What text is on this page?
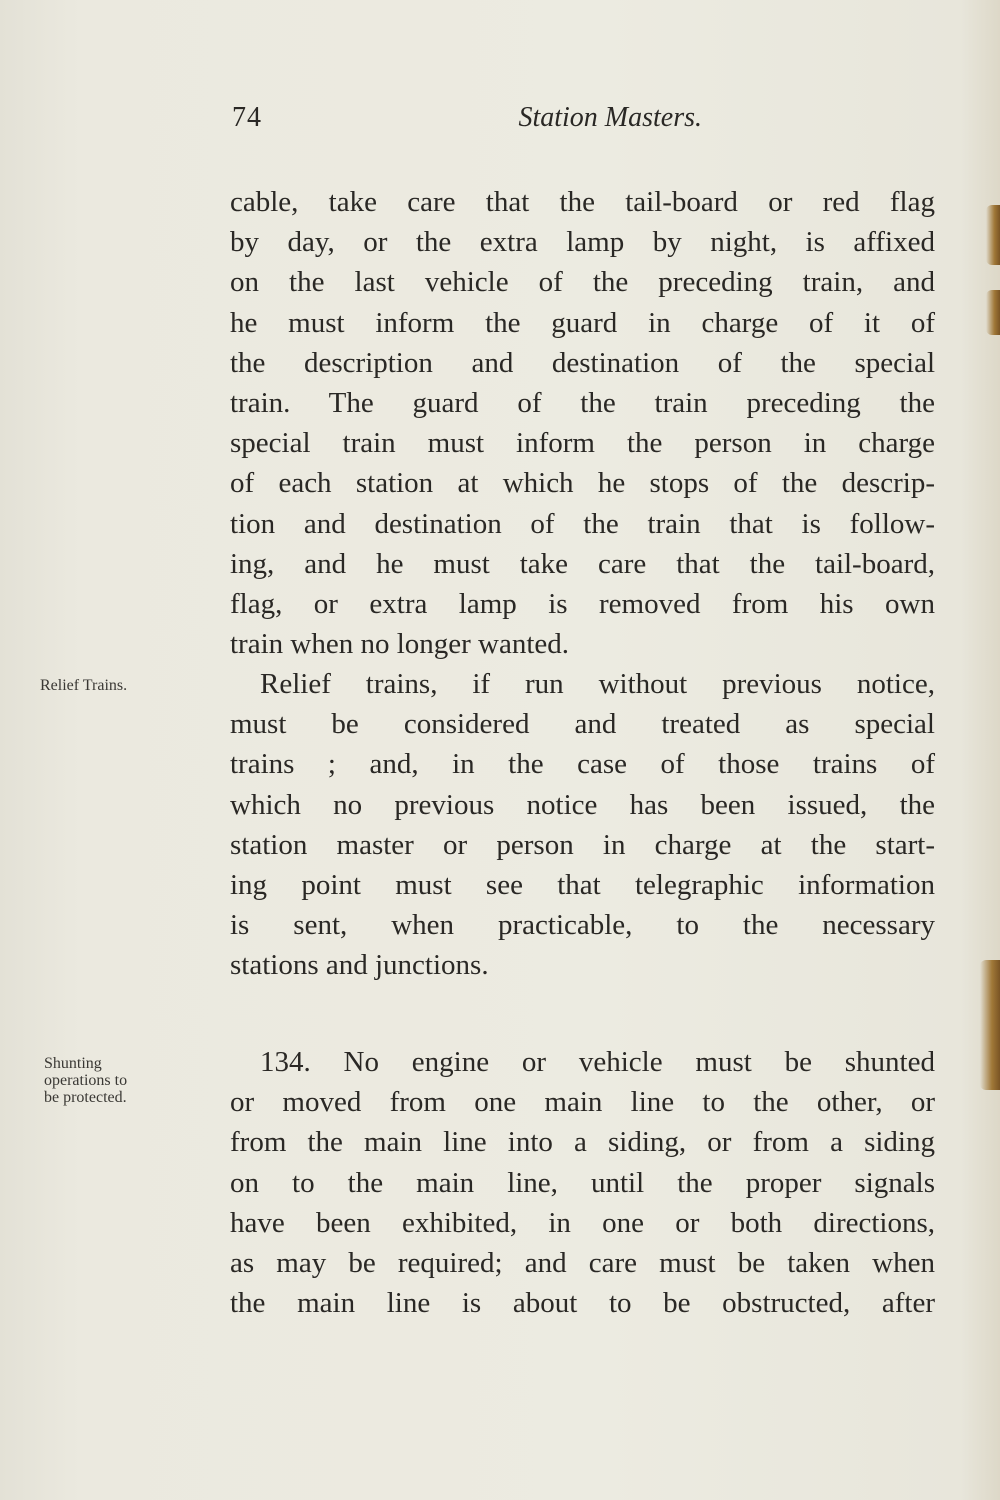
74	Station Masters.
cable, take care that the tail-board or red flag
by day, or the extra lamp by night, is affixed
on the last vehicle of the preceding train, and
he must inform the guard in charge of it of
the description and destination of the special
train. The guard of the train preceding the
special train must inform the person in charge
of each station at which he stops of the descrip-
tion and destination of the train that is follow-
ing, and he must take care that the tail-board,
flag, or extra lamp is removed from his own
train when no longer wanted.
Relief Trains.	Relief trains, if run without previous notice,
must be considered and treated as special
trains ; and, in the case of those trains of
which no previous notice has been issued, the
station master or person in charge at the start-
ing point must see that telegraphic information
is sent, when practicable, to the necessary
stations and junctions.
Shunting
operations to
be protected.
134. No engine or vehicle must be shunted
or moved from one main line to the other, or
from the main line into a siding, or from a siding
on to the main line, until the proper signals
have been exhibited, in one or both directions,
as may be required; and care must be taken when
the main line is about to be obstructed, after
